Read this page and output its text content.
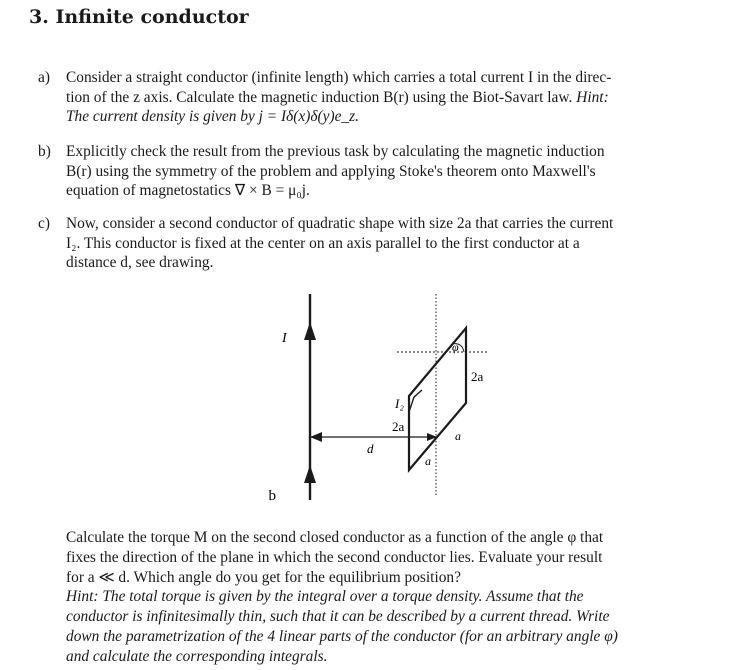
3. Infinite conductor
a)	Consider a straight conductor (infinite length) which carries a total current I in the direc-
tion of the z axis. Calculate the magnetic induction B(r) using the Biot-Savart law. Hint:
The current density is given by j = Iδ(x)δ(y)e_z.
b) Explicitly check the result from the previous task by calculating the magnetic induction
B(r) using the symmetry of the problem and applying Stoke's theorem onto Maxwell's
equation of magnetostatics ∇ × B = μ₀j.
c)	Now, consider a second conductor of quadratic shape with size 2a that carries the current
I₂. This conductor is fixed at the center on an axis parallel to the first conductor at a
distance d, see drawing.
I
φ
I₂
2a
2a
d
a
a
q
Calculate the torque M on the second closed conductor as a function of the angle φ that
fixes the direction of the plane in which the second conductor lies. Evaluate your result
for a ≪ d. Which angle do you get for the equilibrium position?
Hint: The total torque is given by the integral over a torque density. Assume that the
conductor is infinitesimally thin, such that it can be described by a current thread. Write
down the parametrization of the 4 linear parts of the conductor (for an arbitrary angle φ)
and calculate the corresponding integrals.
